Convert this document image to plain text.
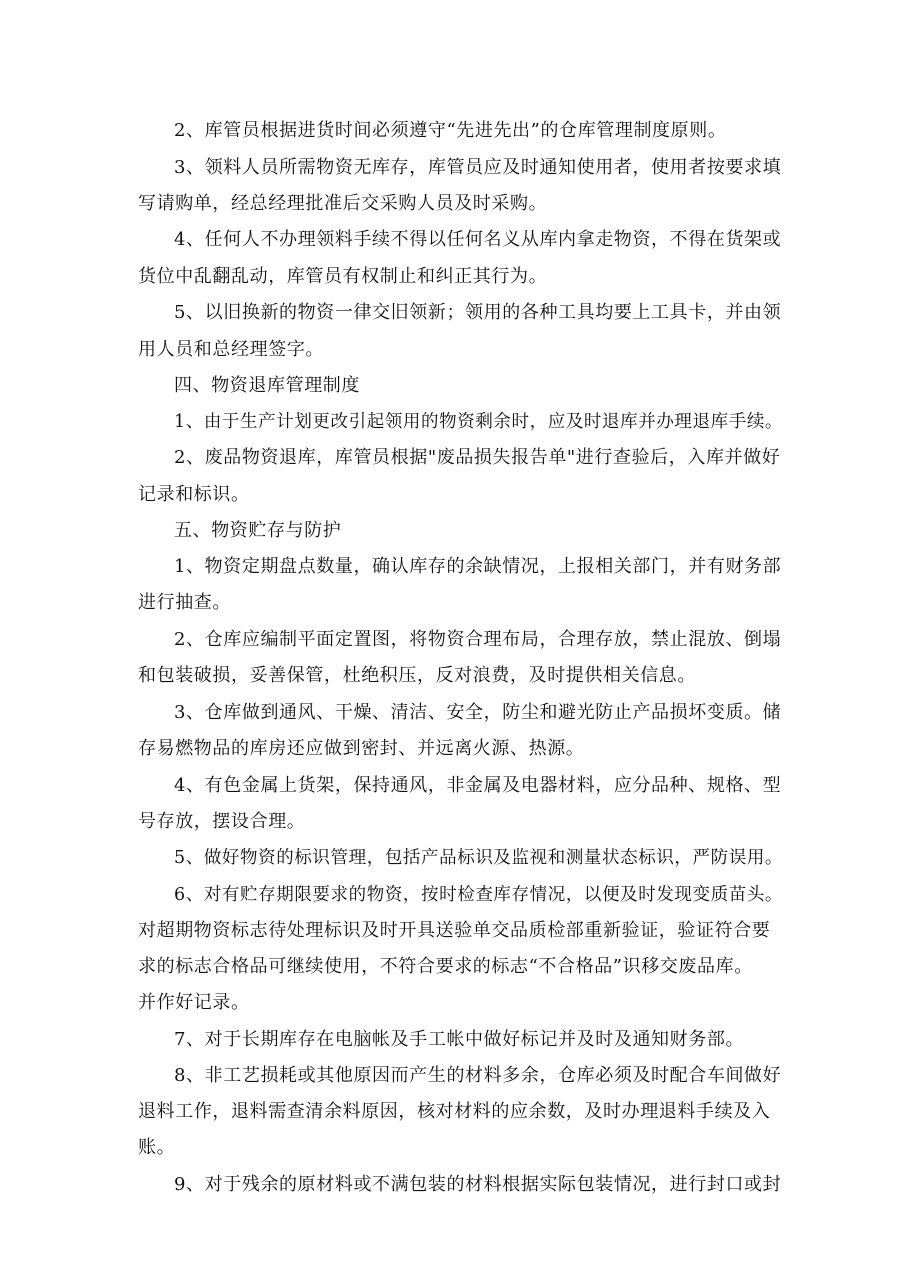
2、库管员根据进货时间必须遵守“先进先出”的仓库管理制度原则。
3、领料人员所需物资无库存，库管员应及时通知使用者，使用者按要求填
写请购单，经总经理批准后交采购人员及时采购。
4、任何人不办理领料手续不得以任何名义从库内拿走物资，不得在货架或
货位中乱翻乱动，库管员有权制止和纠正其行为。
5、以旧换新的物资一律交旧领新；领用的各种工具均要上工具卡，并由领
用人员和总经理签字。
四、物资退库管理制度
1、由于生产计划更改引起领用的物资剩余时，应及时退库并办理退库手续。
2、废品物资退库，库管员根据"废品损失报告单"进行查验后，入库并做好
记录和标识。
五、物资贮存与防护
1、物资定期盘点数量，确认库存的余缺情况，上报相关部门，并有财务部
进行抽查。
2、仓库应编制平面定置图，将物资合理布局，合理存放，禁止混放、倒塌
和包装破损，妥善保管，杜绝积压，反对浪费，及时提供相关信息。
3、仓库做到通风、干燥、清洁、安全，防尘和避光防止产品损坏变质。储
存易燃物品的库房还应做到密封、并远离火源、热源。
4、有色金属上货架，保持通风，非金属及电器材料，应分品种、规格、型
号存放，摆设合理。
5、做好物资的标识管理，包括产品标识及监视和测量状态标识，严防误用。
6、对有贮存期限要求的物资，按时检查库存情况，以便及时发现变质苗头。
对超期物资标志待处理标识及时开具送验单交品质检部重新验证，验证符合要
求的标志合格品可继续使用，不符合要求的标志“不合格品”识移交废品库。
并作好记录。
7、对于长期库存在电脑帐及手工帐中做好标记并及时及通知财务部。
8、非工艺损耗或其他原因而产生的材料多余，仓库必须及时配合车间做好
退料工作，退料需查清余料原因，核对材料的应余数，及时办理退料手续及入
账。
9、对于残余的原材料或不满包装的材料根据实际包装情况，进行封口或封
